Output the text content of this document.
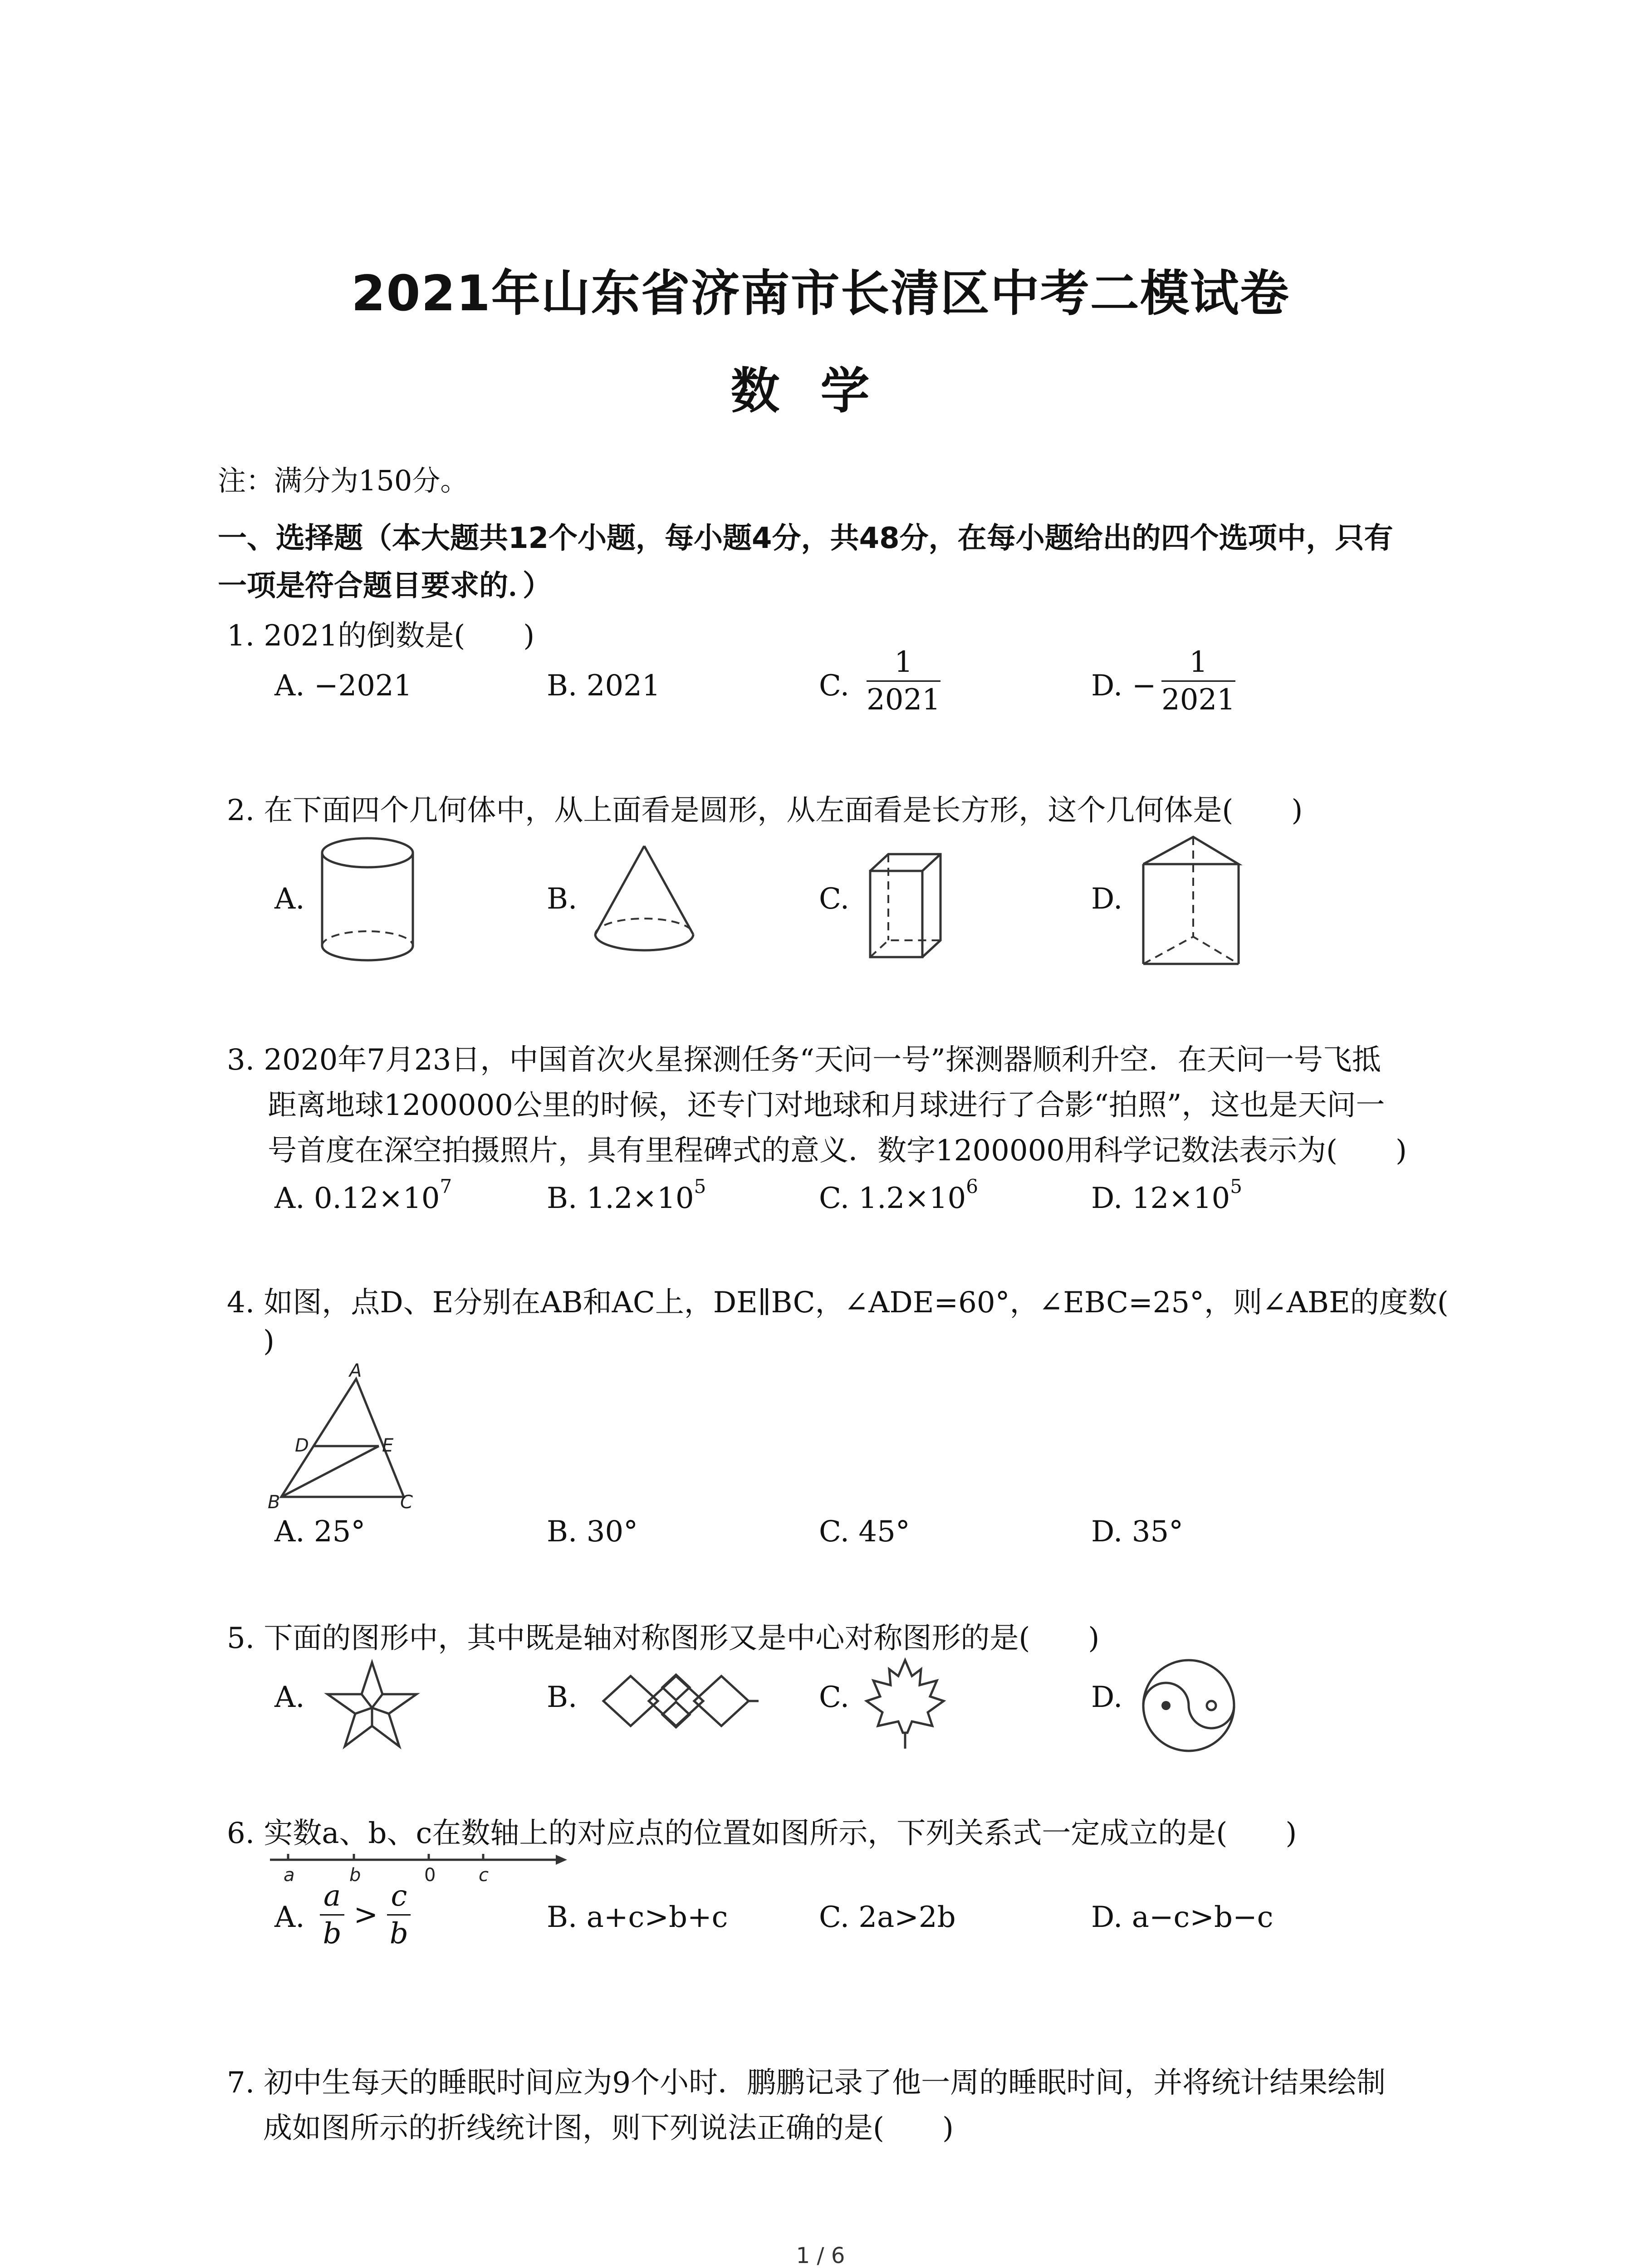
2021年山东省济南市长清区中考二模试卷
数学
注：满分为150分。
一、选择题（本大题共12个小题，每小题4分，共48分，在每小题给出的四个选项中，只有
一项是符合题目要求的．）
1. 2021的倒数是(　　)
A. −2021	B. 2021	C. $\frac{1}{2021}$	D. − $\frac{1}{2021}$
2. 在下面四个几何体中，从上面看是圆形，从左面看是长方形，这个几何体是(　　)
A.	B.	C.	D.
3. 2020年7月23日，中国首次火星探测任务“天问一号”探测器顺利升空．在天问一号飞抵
距离地球1200000公里的时候，还专门对地球和月球进行了合影“拍照”，这也是天问一
号首度在深空拍摄照片，具有里程碑式的意义．数字1200000用科学记数法表示为(　　)
A. $0.12\times 10^7$	B. $1.2\times 10^5$	C. $1.2\times 10^6$	D. $12\times 10^5$
4. 如图，点D、E分别在AB和AC上，DE∥BC，∠ADE=60°，∠EBC=25°，则∠ABE的度数(
)
A
D	E
B	C
A. 25°	B. 30°	C. 45°	D. 35°
5. 下面的图形中，其中既是轴对称图形又是中心对称图形的是(　　)
A.	B.	C.	D.
6. 实数a、b、c在数轴上的对应点的位置如图所示，下列关系式一定成立的是(　　)
a	b	0 c
A. $\frac{a}{b} > \frac{c}{b}$	B. a+c>b+c	C. 2a>2b	D. a−c>b−c
7. 初中生每天的睡眠时间应为9个小时．鹏鹏记录了他一周的睡眠时间，并将统计结果绘制
成如图所示的折线统计图，则下列说法正确的是(　　)
1 / 6
